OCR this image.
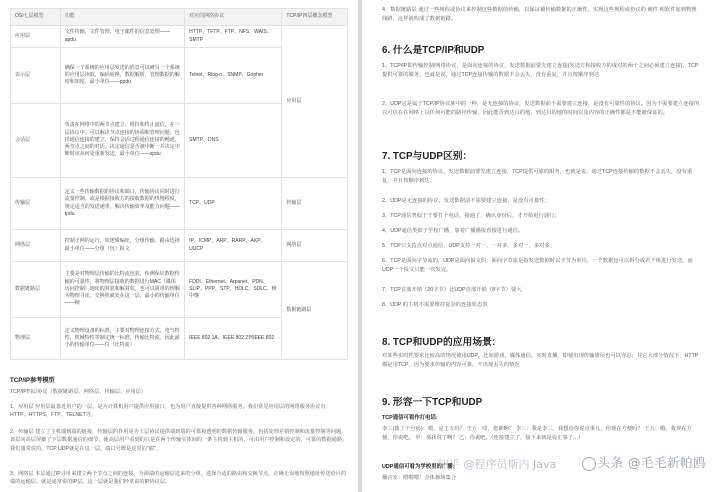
OSI七层模型	功能	对应的网络协议	TCP/IP四层概念模型
应用层	文件传输，文件管理，电子邮件的信息处理——apdu	HTTP、TFTP、FTP、NFS、WAIS、SMTP	应用层
表示层	确保一个系统的应用层发送的消息可以被另一个系统的应用层读取，编码转换，数据解析，管理数据的解密和加密，最小单位——ppdu	Telnet、Rlog-n、SNMP、Gopher	
会话层	负责在网络中的两节点建立，维持和终止通信，在一层协议中，可以解决节点连接的协调和管理问题，包括通信连接的建立，保持会话过程通信连接的畅通，两节点之间的对话，决定通信是否被中断一并决定中断时该从何处重新发送，最小单位——spdu	SMTP、DNS	
传输层	定义一些传输数据的协议和端口，传输协议同时进行流量控制，或是根据接收方的接收数据的快慢程度，规定适当的发送速率，解决传输效率及能力问题——tpdu	TCP、UDP	传输层
网络层	控制子网的运行，如逻辑编址，分组传输，路由选择最小单位——分组（包）报文	IP、ICMP、ARP、RARP、AKP、UUCP	网络层
数据链路层	主要是对物理层传输的比特流包装，检测保证数据传输的可靠性，将物理层接收的数据进行MAC（媒体访问控制）地址的封装和解封装，也可以简单的理解为物理寻址。交换机就处在这一层，最小的传输单位——帧	FDDI、Ethernet、Arpanet、PDN、SLIP、PPP、STP、HDLC、SDLC、帧中继	数据链路层
物理层	定义物理设备的标准，主要对物理连接方式，电气特性，机械特性等制定统一标准，传输比特流，因此最小的传输单位——位（比特流）	IEEE 802.1A、IEEE 802.2到IEEE 802.	
TCP/IP参考模型

TCP/IP四层协议（数据链路层、网络层、传输层、应用层）

1、应用层 应用层最靠近用户的一层，是为计算机用户提供应用接口，也为用户直接提供各种网络服务。我们常见应用层的网络服务协议有：HTTP、HTTPS、FTP、TELNET等。

2、传输层 建立了主机端到端的链接，传输层的作用是为上层协议提供端到端的可靠和透明的数据传输服务，包括处理差错控制和流量控制等问题。该层向高层屏蔽了下层数据通信的细节，使高层用户看到的只是在两个传输实体间的一条主机到主机的、可由用户控制和设定的、可靠的数据通路。我们通常说的，TCP UDP就是在这一层。端口号既是这里的"端"。

3、网络层 本层通过IP寻址来建立两个节点之间的连接，为源端的运输层送来的分组，选择合适的路由和交换节点，正确无误地按照地址传送给目的端的运输层。就是通常说的IP层。这一层就是我们经常说的IP协议层。

4、数据链路层 通过一些规程或协议来控制这些数据的传输，以保证被传输数据的正确性。实现这些规程或协议的 硬件 和软件加到物理线路，这样就构成了数据链路。

6. 什么是TCP/IP和UDP

1、TCP/IP即传输控制/网络协议，是面向连接的协议，发送数据前要先建立连接(发送方和接收方的成对的两个之间必须建立连接)，TCP提供可靠的服务，也就是说，通过TCP连接传输的数据不会丢失，没有重复，并且按顺序到达

2、UDP它是属于TCP/IP协议族中的一种，是无连接的协议，发送数据前不需要建立连接，是没有可靠性的协议。因为不需要建立连接所以可以在在网络上以任何可能的路径传输，因此能否到达目的地，到达目的地的时间以及内容的正确性都是不能被保证的。

7. TCP与UDP区别：

1、TCP是面向连接的协议，发送数据前要先建立连接，TCP提供可靠的服务，也就是说，通过TCP连接传输的数据不会丢失，没有重复，并且按顺序到达；

2、UDP是无连接的协议，发送数据前不需要建立连接，是没有可靠性；

3、TCP通信类似于于要打个电话，接通了，确认身份后，才开始进行通行；

4、UDP通信类似于学校广播，靠着广播播报直接进行通信。

5、TCP只支持点对点通信，UDP支持一对一、一对多、多对一、多对多；

6、TCP是面向字节流的，UDP是面向报文的；面向字节流是指发送数据时以字节为单位，一个数据包可以拆分成若干组进行发送，而UDP一个报文只能一次发完。

7、TCP首部开销（20字节）比UDP首部开销（8字节）要大

8、UDP 的主机不需要维持复杂的连接状态表

8. TCP和UDP的应用场景:

对某些实时性要求比较高的情况使用UDP，比如游戏，媒体通信，实时直播，即使出现传输错误也可以容忍；其它大部分情况下，HTTP都是用TCP，因为要求传输的内容可靠，不出现丢失的情况

9. 形容一下TCP和UDP
TCP通信可看作打电话:

李三(拨了个号码)：喂，是王五吗？ 王五：哎，您谁啊？ 李三：我是李三，我想给你说点事儿，你现在方便吗？ 王五：哦，我现在方便，你说吧。 甲：那我说了啊？ 乙：你说吧。（连接建立了，接下来就是说正事了…）

UDP通信可看为学校里的广播:

播音室：喂喂喂！全体操场集合

知乎 @程序员斯内 Java	头条 @毛毛新帕鸥
